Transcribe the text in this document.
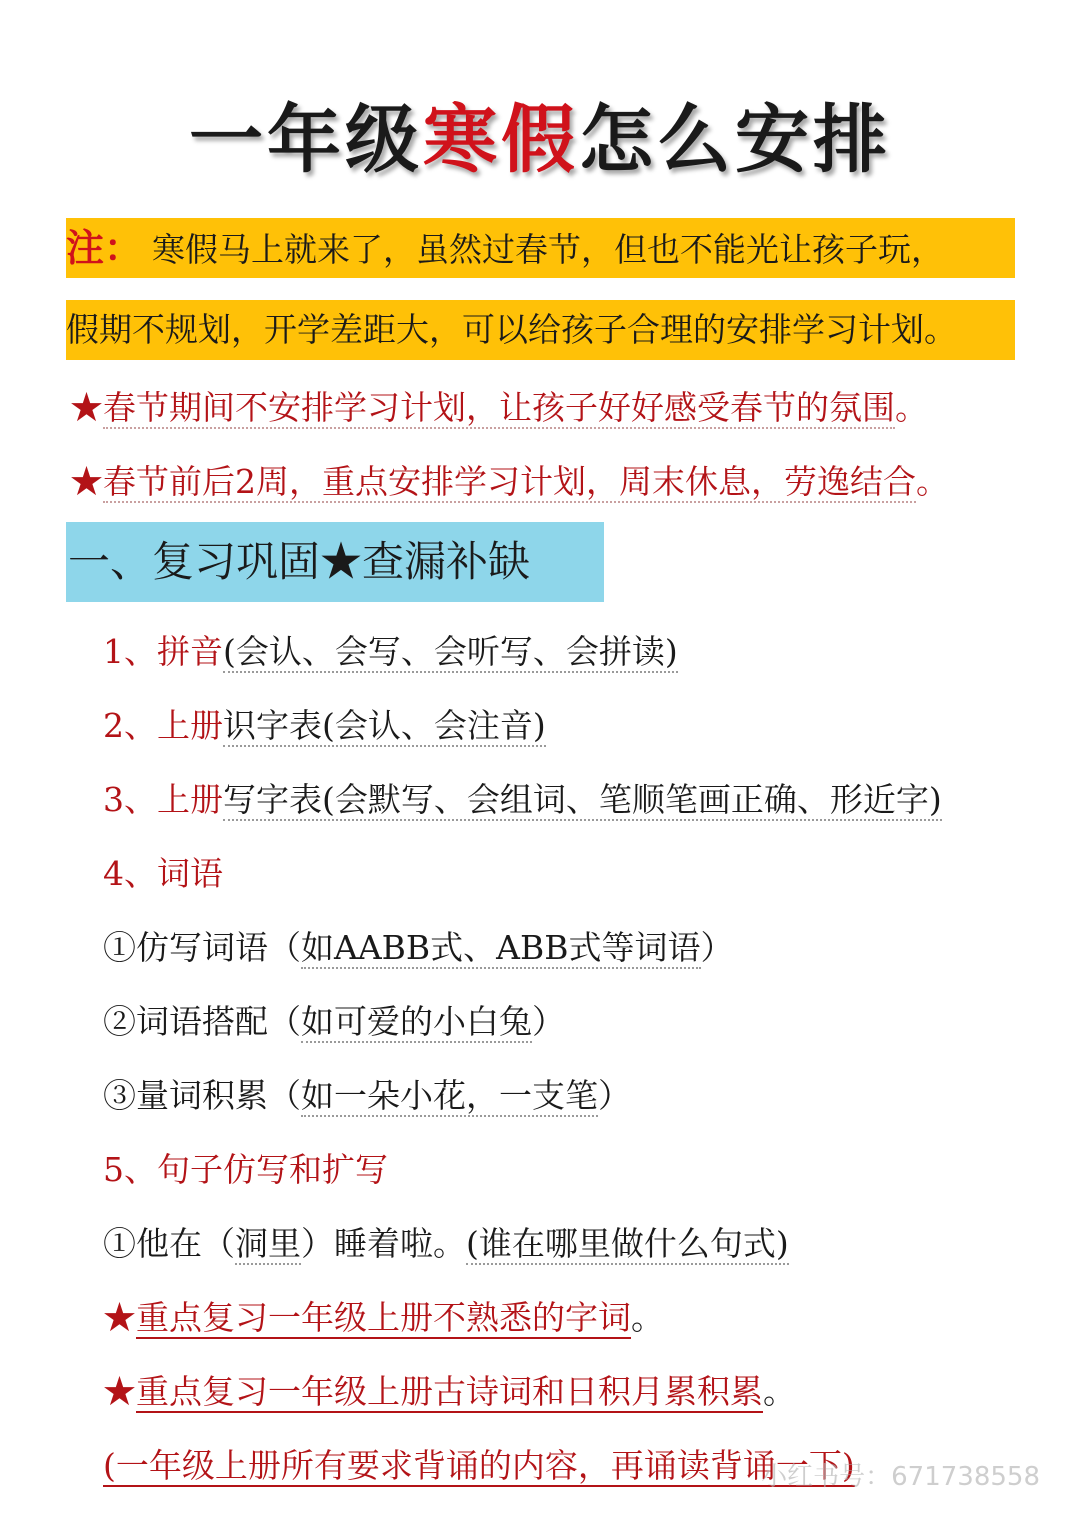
一年级寒假怎么安排
注： 寒假马上就来了，虽然过春节，但也不能光让孩子玩，
假期不规划，开学差距大，可以给孩子合理的安排学习计划。
★春节期间不安排学习计划，让孩子好好感受春节的氛围。
★春节前后2周，重点安排学习计划，周末休息，劳逸结合。
一、复习巩固★查漏补缺
1、拼音(会认、会写、会听写、会拼读)
2、上册识字表(会认、会注音)
3、上册写字表(会默写、会组词、笔顺笔画正确、形近字)
4、词语
①仿写词语（如AABB式、ABB式等词语）
②词语搭配（如可爱的小白兔）
③量词积累（如一朵小花，一支笔）
5、句子仿写和扩写
①他在（洞里）睡着啦。(谁在哪里做什么句式)
★重点复习一年级上册不熟悉的字词。
★重点复习一年级上册古诗词和日积月累积累。
(一年级上册所有要求背诵的内容，再诵读背诵一下)
小红书号：671738558
